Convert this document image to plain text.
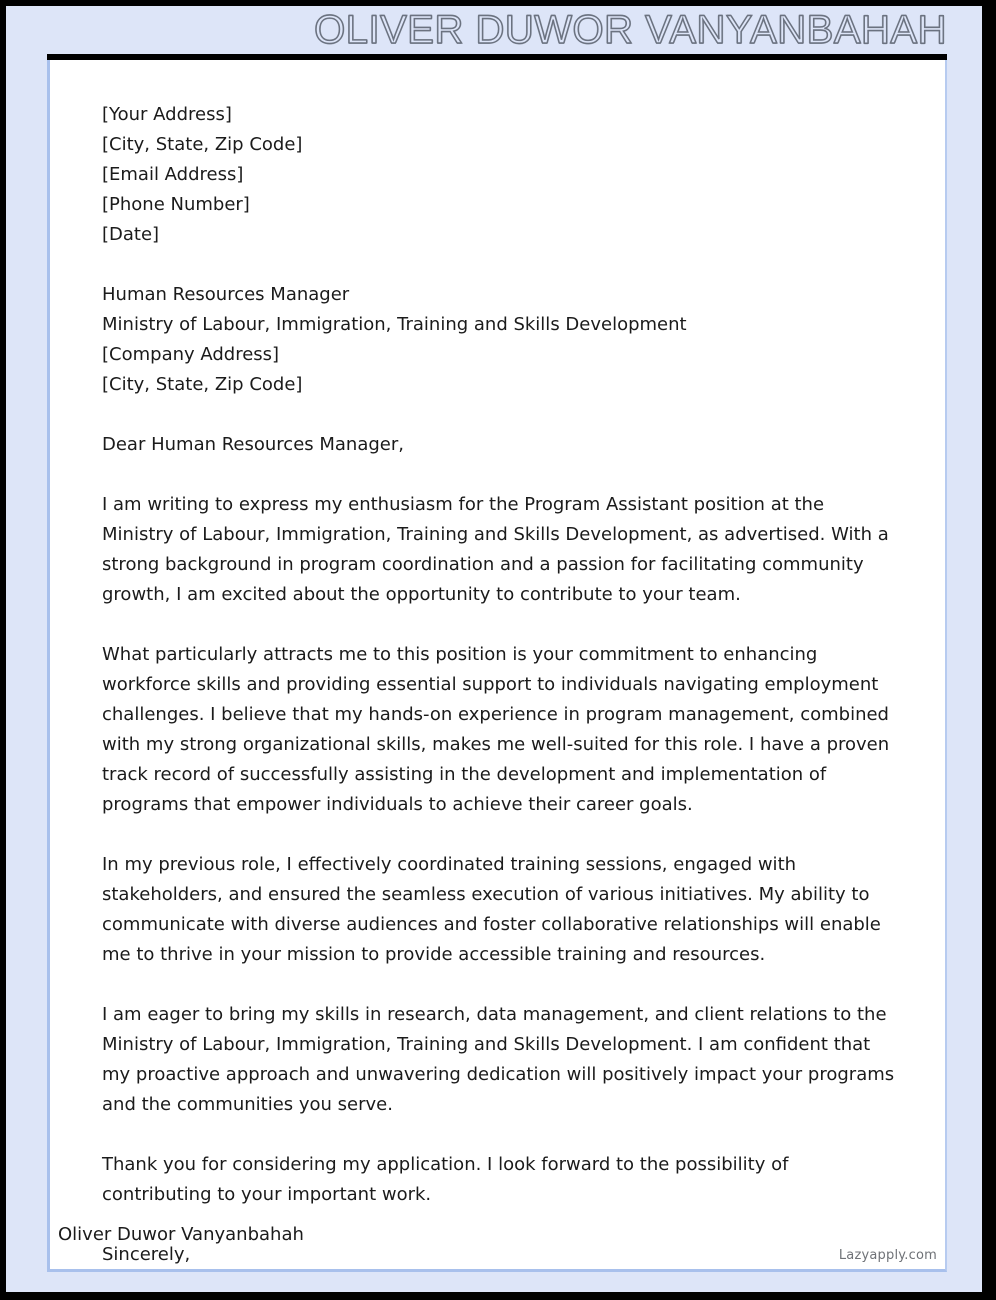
OLIVER DUWOR VANYANBAHAH
[Your Address]
[City, State, Zip Code]
[Email Address]
[Phone Number]
[Date]
Human Resources Manager
Ministry of Labour, Immigration, Training and Skills Development
[Company Address]
[City, State, Zip Code]
Dear Human Resources Manager,
I am writing to express my enthusiasm for the Program Assistant position at the Ministry of Labour, Immigration, Training and Skills Development, as advertised. With a strong background in program coordination and a passion for facilitating community growth, I am excited about the opportunity to contribute to your team.
What particularly attracts me to this position is your commitment to enhancing workforce skills and providing essential support to individuals navigating employment challenges. I believe that my hands-on experience in program management, combined with my strong organizational skills, makes me well-suited for this role. I have a proven track record of successfully assisting in the development and implementation of programs that empower individuals to achieve their career goals.
In my previous role, I effectively coordinated training sessions, engaged with stakeholders, and ensured the seamless execution of various initiatives. My ability to communicate with diverse audiences and foster collaborative relationships will enable me to thrive in your mission to provide accessible training and resources.
I am eager to bring my skills in research, data management, and client relations to the Ministry of Labour, Immigration, Training and Skills Development. I am confident that my proactive approach and unwavering dedication will positively impact your programs and the communities you serve.
Thank you for considering my application. I look forward to the possibility of contributing to your important work.
Sincerely,	Lazyapply.com
Oliver Duwor Vanyanbahah
